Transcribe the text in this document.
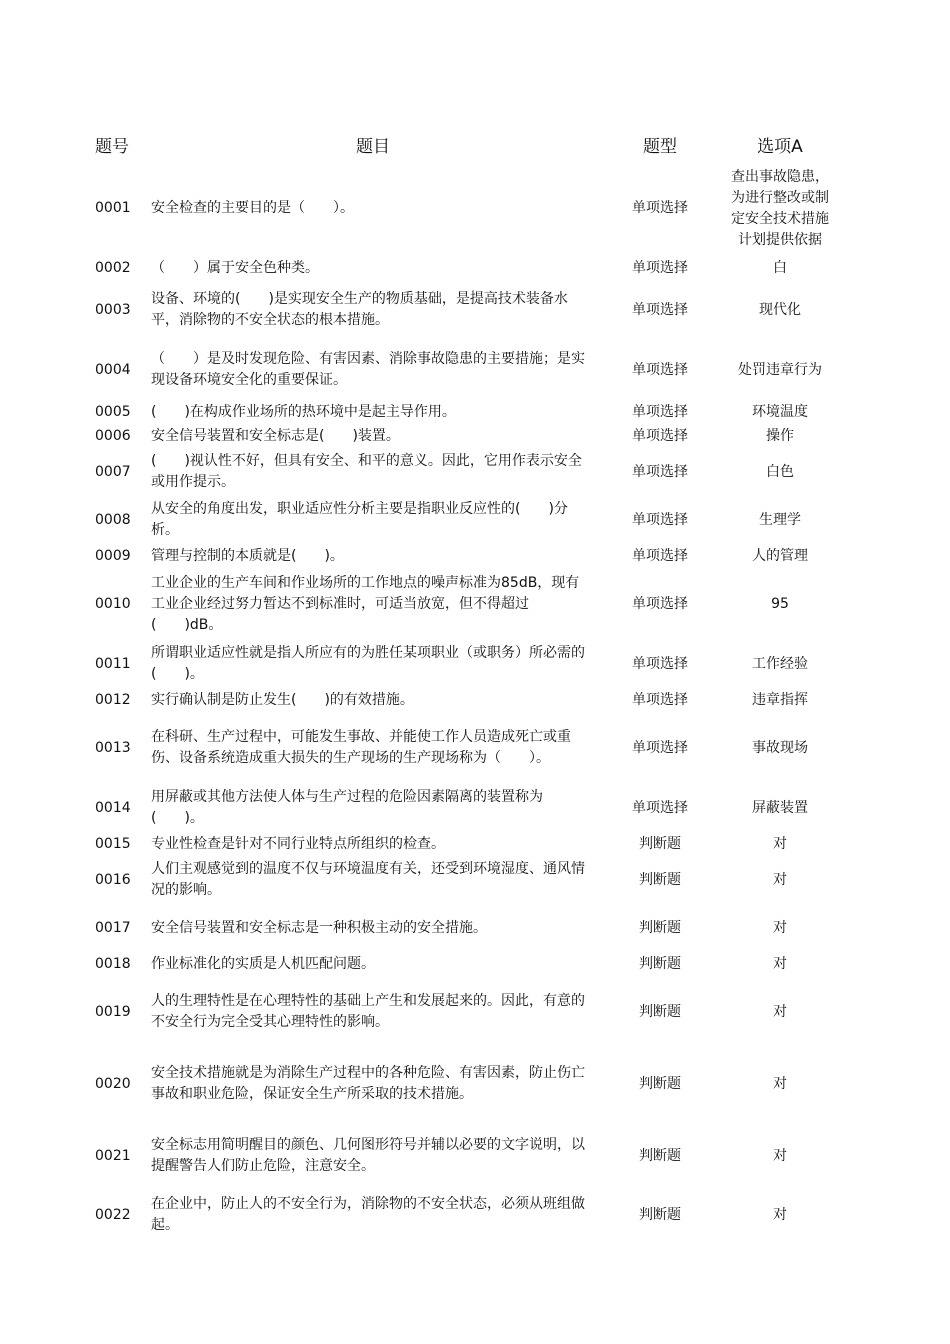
题号	题目	题型	选项A
0001	安全检查的主要目的是（　　）。	单项选择	查出事故隐患，为进行整改或制定安全技术措施计划提供依据
0002	（　　）属于安全色种类。	单项选择	白
0003	设备、环境的(　　)是实现安全生产的物质基础，是提高技术装备水平，消除物的不安全状态的根本措施。	单项选择	现代化
0004	（　　）是及时发现危险、有害因素、消除事故隐患的主要措施；是实现设备环境安全化的重要保证。	单项选择	处罚违章行为
0005	(　　)在构成作业场所的热环境中是起主导作用。	单项选择	环境温度
0006	安全信号装置和安全标志是(　　)装置。	单项选择	操作
0007	(　　)视认性不好，但具有安全、和平的意义。因此，它用作表示安全或用作提示。	单项选择	白色
0008	从安全的角度出发，职业适应性分析主要是指职业反应性的(　　)分析。	单项选择	生理学
0009	管理与控制的本质就是(　　)。	单项选择	人的管理
0010	工业企业的生产车间和作业场所的工作地点的噪声标准为85dB，现有工业企业经过努力暂达不到标准时，可适当放宽，但不得超过(　　)dB。	单项选择	95
0011	所谓职业适应性就是指人所应有的为胜任某项职业（或职务）所必需的(　　)。	单项选择	工作经验
0012	实行确认制是防止发生(　　)的有效措施。	单项选择	违章指挥
0013	在科研、生产过程中，可能发生事故、并能使工作人员造成死亡或重伤、设备系统造成重大损失的生产现场的生产现场称为（　　）。	单项选择	事故现场
0014	用屏蔽或其他方法使人体与生产过程的危险因素隔离的装置称为(　　)。	单项选择	屏蔽装置
0015	专业性检查是针对不同行业特点所组织的检查。	判断题	对
0016	人们主观感觉到的温度不仅与环境温度有关，还受到环境湿度、通风情况的影响。	判断题	对
0017	安全信号装置和安全标志是一种积极主动的安全措施。	判断题	对
0018	作业标准化的实质是人机匹配问题。	判断题	对
0019	人的生理特性是在心理特性的基础上产生和发展起来的。因此，有意的不安全行为完全受其心理特性的影响。	判断题	对
0020	安全技术措施就是为消除生产过程中的各种危险、有害因素，防止伤亡事故和职业危险，保证安全生产所采取的技术措施。	判断题	对
0021	安全标志用简明醒目的颜色、几何图形符号并辅以必要的文字说明，以提醒警告人们防止危险，注意安全。	判断题	对
0022	在企业中，防止人的不安全行为，消除物的不安全状态，必须从班组做起。	判断题	对
